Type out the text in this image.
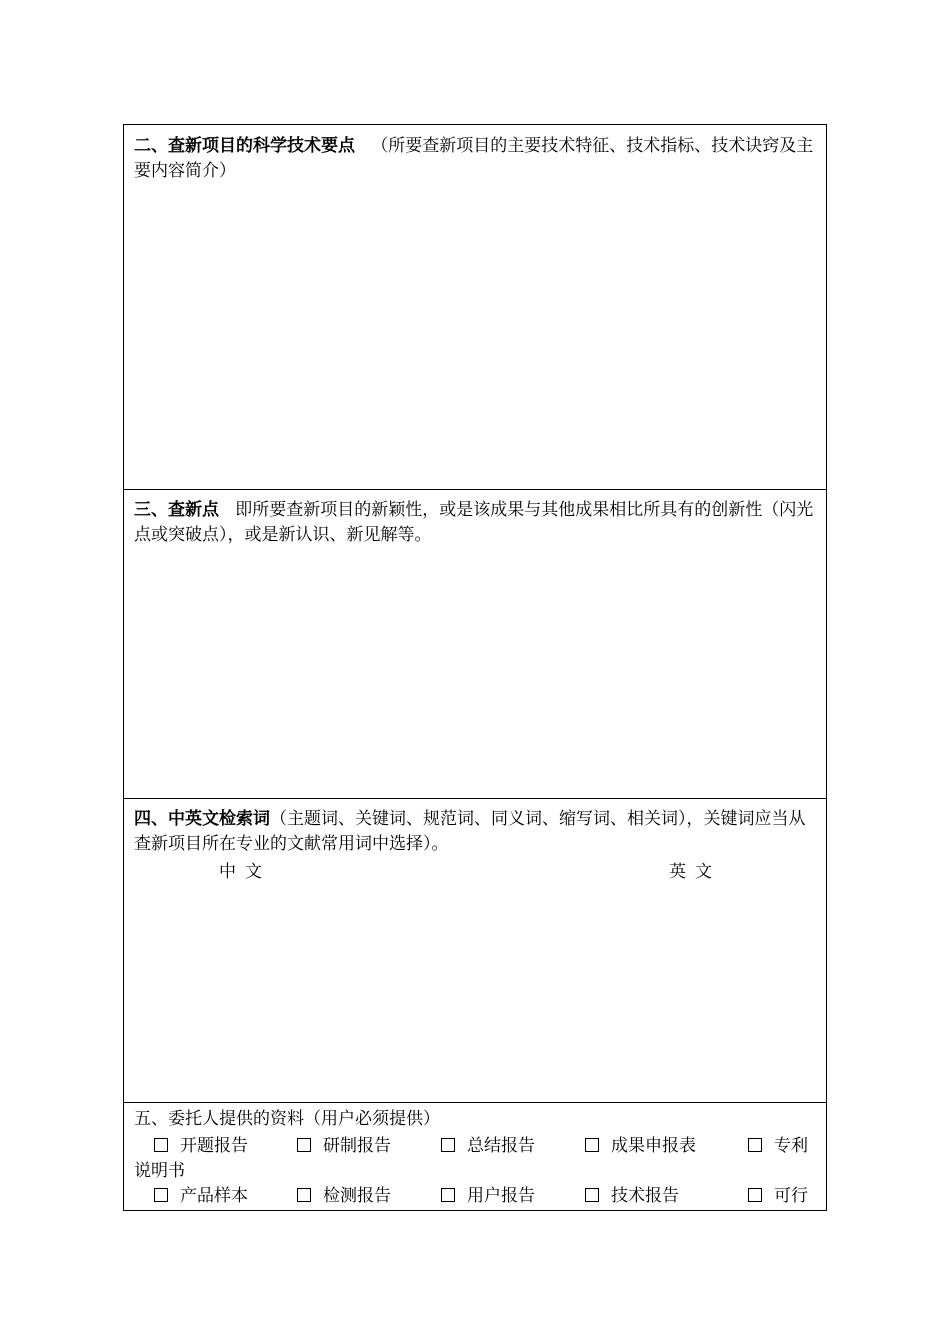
二、查新项目的科学技术要点 （所要查新项目的主要技术特征、技术指标、技术诀窍及主要内容简介）
三、查新点 即所要查新项目的新颖性，或是该成果与其他成果相比所具有的创新性（闪光点或突破点），或是新认识、新见解等。
四、中英文检索词（主题词、关键词、规范词、同义词、缩写词、相关词），关键词应当从查新项目所在专业的文献常用词中选择）。
中文	英文
五、委托人提供的资料（用户必须提供）
开题报告	研制报告	总结报告	成果申报表	专利
说明书
产品样本	检测报告	用户报告	技术报告	可行
